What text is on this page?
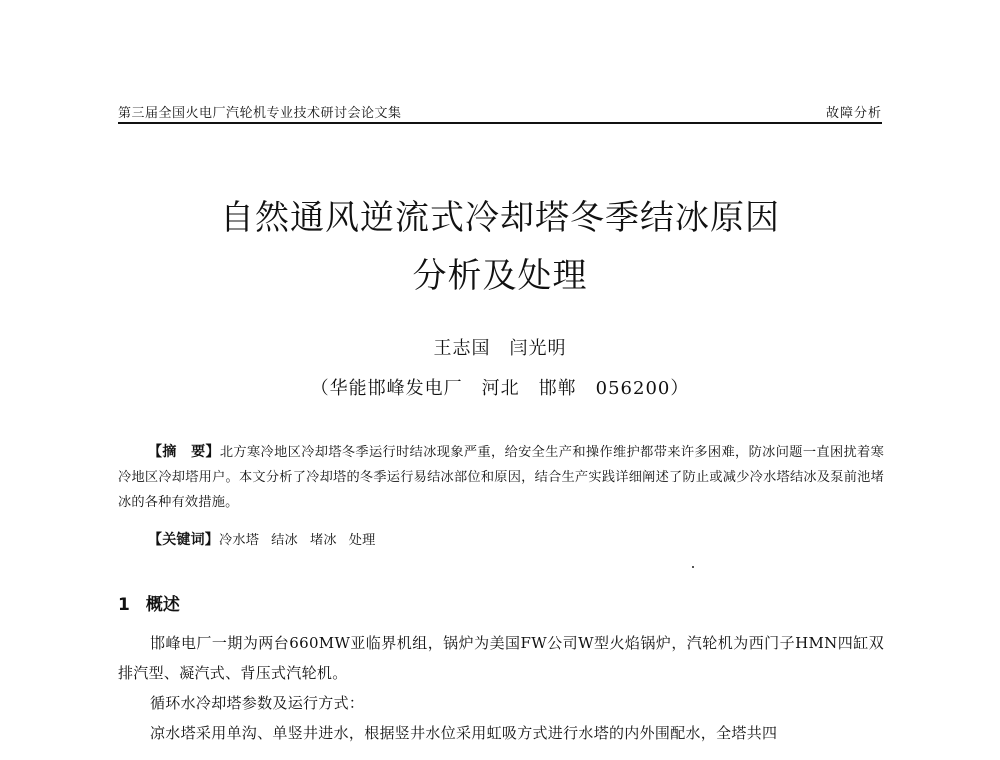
第三届全国火电厂汽轮机专业技术研讨会论文集	故障分析
自然通风逆流式冷却塔冬季结冰原因
分析及处理
王志国　闫光明
（华能邯峰发电厂　河北　邯郸　056200）
【摘　要】北方寒冷地区冷却塔冬季运行时结冰现象严重，给安全生产和操作维护都带来许多困难，防冰问题一直困扰着寒冷地区冷却塔用户。本文分析了冷却塔的冬季运行易结冰部位和原因，结合生产实践详细阐述了防止或减少冷水塔结冰及泵前池堵冰的各种有效措施。
【关键词】冷水塔 结冰 堵冰 处理
1 概述
邯峰电厂一期为两台660MW亚临界机组，锅炉为美国FW公司W型火焰锅炉，汽轮机为西门子HMN四缸双排汽型、凝汽式、背压式汽轮机。
循环水冷却塔参数及运行方式：
凉水塔采用单沟、单竖井进水，根据竖井水位采用虹吸方式进行水塔的内外围配水，全塔共四
